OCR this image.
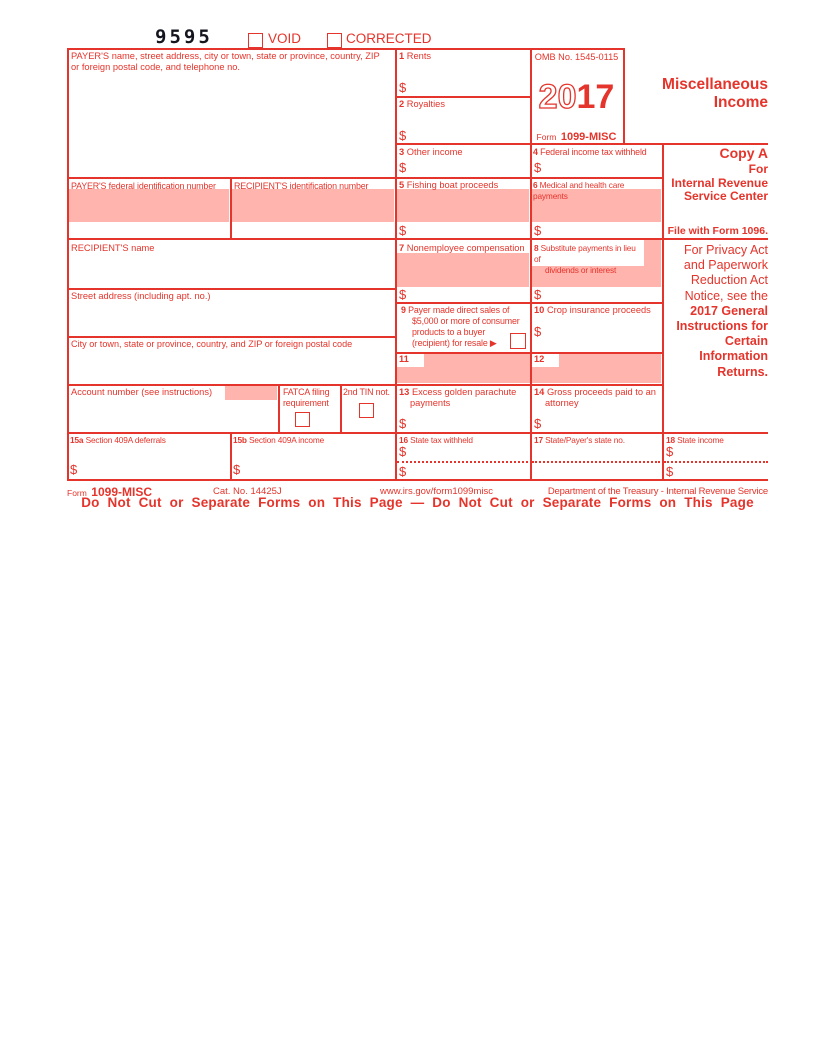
9595	VOID	CORRECTED
PAYER'S name, street address, city or town, state or province, country, ZIP or foreign postal code, and telephone no.
PAYER'S federal identification number RECIPIENT'S identification number
RECIPIENT'S name
Street address (including apt. no.)
City or town, state or province, country, and ZIP or foreign postal code
Account number (see instructions)	FATCA filing
requirement
2nd TIN not.
1 Rents
$
2 Royalties
$
3 Other income
$
4 Federal income tax withheld
$
5 Fishing boat proceeds
$
6 Medical and health care payments
$
7 Nonemployee compensation
$
8 Substitute payments in lieu of
dividends or interest
$
9 Payer made direct sales of
$5,000 or more of consumer
products to a buyer
(recipient) for resale ▶
10 Crop insurance proceeds
$
11	12
13 Excess golden parachute
payments
$
14 Gross proceeds paid to an
attorney
$
15a Section 409A deferrals
$
15b Section 409A income
$
16 State tax withheld
$
$
17 State/Payer's state no.	18 State income
$
$
OMB No. 1545-0115
2017
Form 1099-MISC
Miscellaneous
Income
Copy A
For
Internal Revenue
Service Center
File with Form 1096.
For Privacy Act
and Paperwork
Reduction Act
Notice, see the
2017 General
Instructions for
Certain
Information
Returns.
Form 1099-MISC	Cat. No. 14425J	www.irs.gov/form1099misc	Department of the Treasury - Internal Revenue Service
Do Not Cut or Separate Forms on This Page — Do Not Cut or Separate Forms on This Page
